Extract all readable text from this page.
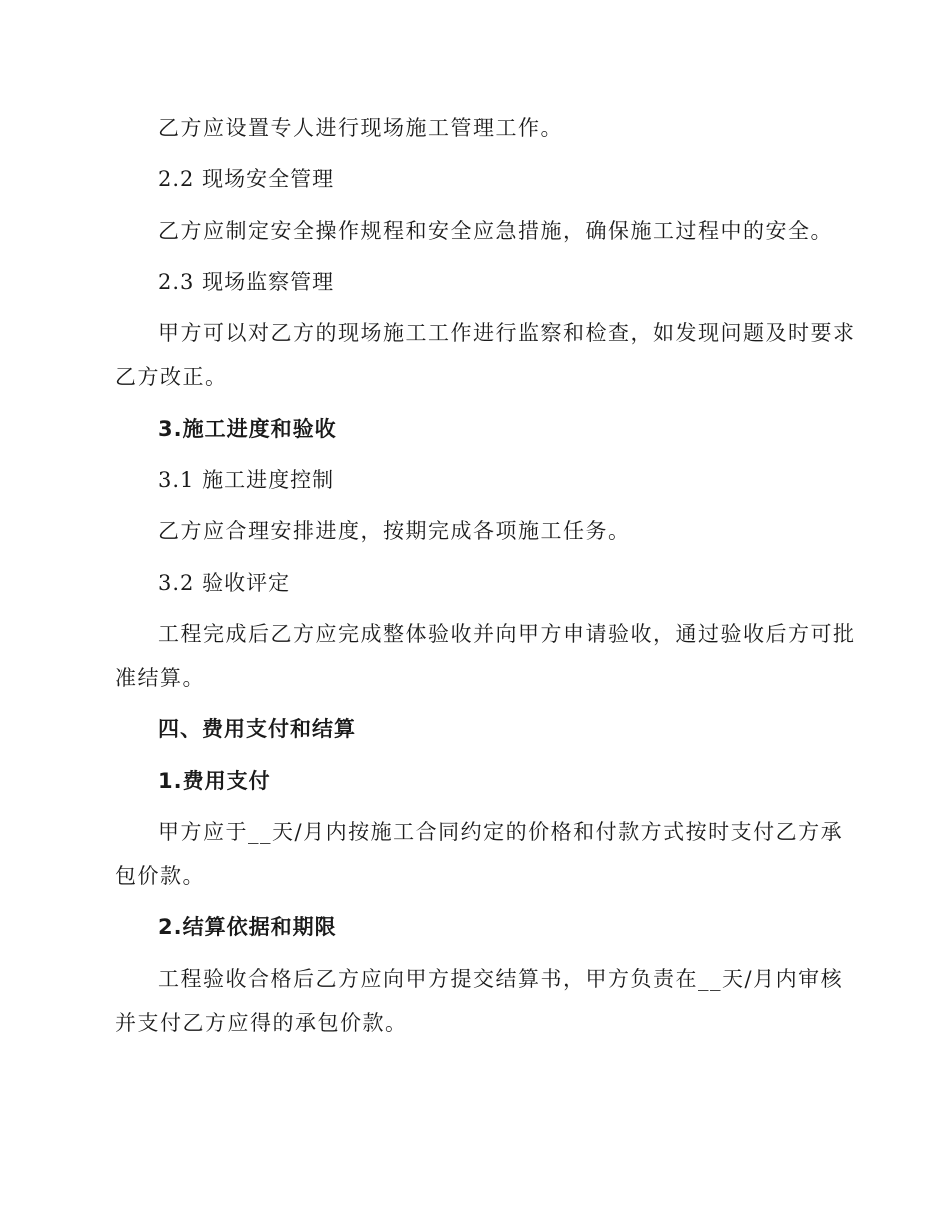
乙方应设置专人进行现场施工管理工作。
2.2 现场安全管理
乙方应制定安全操作规程和安全应急措施，确保施工过程中的安全。
2.3 现场监察管理
甲方可以对乙方的现场施工工作进行监察和检查，如发现问题及时要求
乙方改正。
3.施工进度和验收
3.1 施工进度控制
乙方应合理安排进度，按期完成各项施工任务。
3.2 验收评定
工程完成后乙方应完成整体验收并向甲方申请验收，通过验收后方可批
准结算。
四、费用支付和结算
1.费用支付
甲方应于__天/月内按施工合同约定的价格和付款方式按时支付乙方承
包价款。
2.结算依据和期限
工程验收合格后乙方应向甲方提交结算书，甲方负责在__天/月内审核
并支付乙方应得的承包价款。
